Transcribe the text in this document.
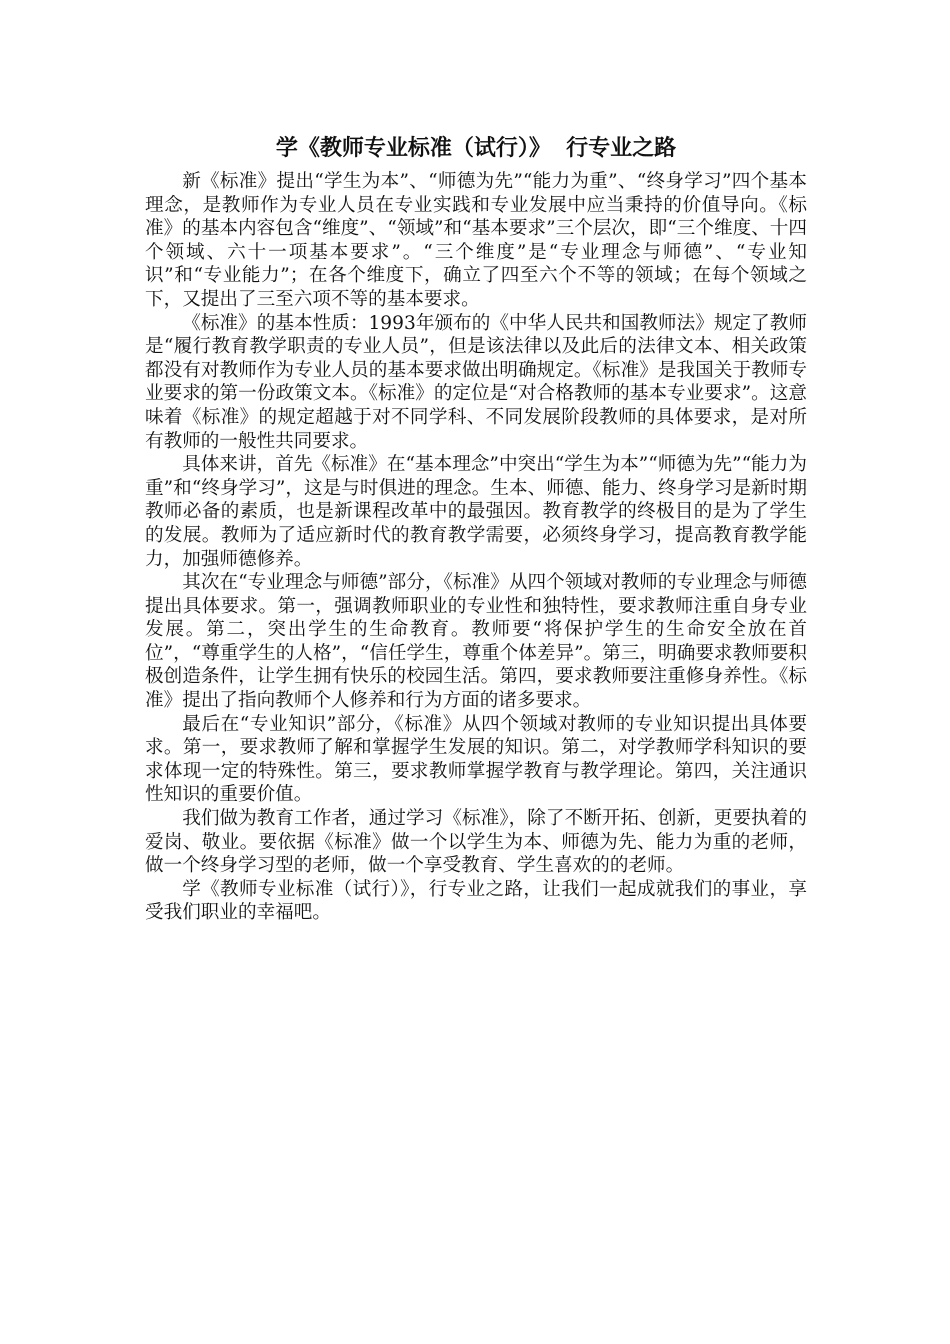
学《教师专业标准（试行）》  行专业之路

新《标准》提出“学生为本”、“师德为先”“能力为重”、“终身学习”四个基本理念，是教师作为专业人员在专业实践和专业发展中应当秉持的价值导向。《标准》的基本内容包含“维度”、“领域”和“基本要求”三个层次，即“三个维度、十四个领域、六十一项基本要求”。“三个维度”是“专业理念与师德”、“专业知识”和“专业能力”；在各个维度下，确立了四至六个不等的领域；在每个领域之下，又提出了三至六项不等的基本要求。

《标准》的基本性质：1993年颁布的《中华人民共和国教师法》规定了教师是“履行教育教学职责的专业人员”，但是该法律以及此后的法律文本、相关政策都没有对教师作为专业人员的基本要求做出明确规定。《标准》是我国关于教师专业要求的第一份政策文本。《标准》的定位是“对合格教师的基本专业要求”。这意味着《标准》的规定超越于对不同学科、不同发展阶段教师的具体要求，是对所有教师的一般性共同要求。

具体来讲，首先《标准》在“基本理念”中突出“学生为本”“师德为先”“能力为重”和“终身学习”，这是与时俱进的理念。生本、师德、能力、终身学习是新时期教师必备的素质，也是新课程改革中的最强因。教育教学的终极目的是为了学生的发展。教师为了适应新时代的教育教学需要，必须终身学习，提高教育教学能力，加强师德修养。

其次在“专业理念与师德”部分，《标准》从四个领域对教师的专业理念与师德提出具体要求。第一，强调教师职业的专业性和独特性，要求教师注重自身专业发展。第二，突出学生的生命教育。教师要“将保护学生的生命安全放在首位”，“尊重学生的人格”，“信任学生，尊重个体差异”。第三，明确要求教师要积极创造条件，让学生拥有快乐的校园生活。第四，要求教师要注重修身养性。《标准》提出了指向教师个人修养和行为方面的诸多要求。

最后在“专业知识”部分，《标准》从四个领域对教师的专业知识提出具体要求。第一，要求教师了解和掌握学生发展的知识。第二，对学教师学科知识的要求体现一定的特殊性。第三，要求教师掌握学教育与教学理论。第四，关注通识性知识的重要价值。

我们做为教育工作者，通过学习《标准》，除了不断开拓、创新，更要执着的爱岗、敬业。要依据《标准》做一个以学生为本、师德为先、能力为重的老师，做一个终身学习型的老师，做一个享受教育、学生喜欢的的老师。

学《教师专业标准（试行）》，行专业之路，让我们一起成就我们的事业，享受我们职业的幸福吧。
